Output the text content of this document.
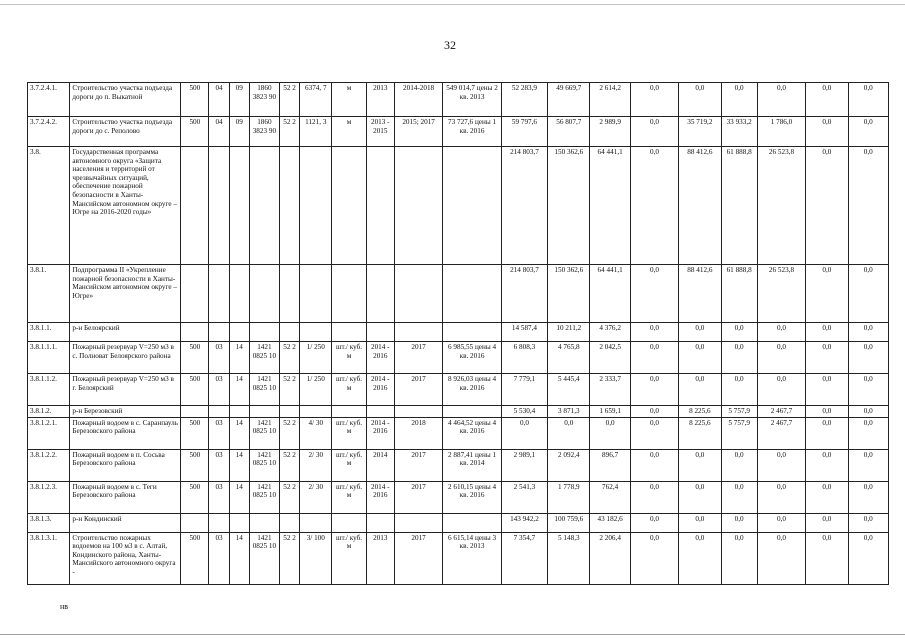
32
3.7.2.4.1.	Строительство участка подъезда дороги до п. Выкатной	500	04	09	1860 3823 90	52 2	6374, 7	м	2013	2014-2018	549 014,7 цены 2 кв. 2013	52 283,9	49 669,7	2 614,2	0,0	0,0	0,0	0,0	0,0	0,0
3.7.2.4.2.	Строительство участка подъезда дороги до с. Реполово	500	04	09	1860 3823 90	52 2	1121, 3	м	2013 - 2015	2015; 2017	73 727,6 цены 1 кв. 2016	59 797,6	56 807,7	2 989,9	0,0	35 719,2	33 933,2	1 786,0	0,0	0,0
3.8.	Государственная программа автономного округа «Защита населения и территорий от чрезвычайных ситуаций, обеспечение пожарной безопасности в Ханты-Мансийском автономном округе – Югре на 2016-2020 годы»											214 803,7	150 362,6	64 441,1	0,0	88 412,6	61 888,8	26 523,8	0,0	0,0
3.8.1.	Подпрограмма II «Укрепление пожарной безопасности в Ханты-Мансийском автономном округе – Югре»											214 803,7	150 362,6	64 441,1	0,0	88 412,6	61 888,8	26 523,8	0,0	0,0
3.8.1.1.	р-н Белоярский											14 587,4	10 211,2	4 376,2	0,0	0,0	0,0	0,0	0,0	0,0
3.8.1.1.1.	Пожарный резервуар V=250 м3 в с. Полноват Белоярского района	500	03	14	1421 0825 10	52 2	1/ 250	шт./ куб. м	2014 - 2016	2017	6 985,55 цены 4 кв. 2016	6 808,3	4 765,8	2 042,5	0,0	0,0	0,0	0,0	0,0	0,0
3.8.1.1.2.	Пожарный резервуар V=250 м3 в г. Белоярский	500	03	14	1421 0825 10	52 2	1/ 250	шт./ куб. м	2014 - 2016	2017	8 926,03 цены 4 кв. 2016	7 779,1	5 445,4	2 333,7	0,0	0,0	0,0	0,0	0,0	0,0
3.8.1.2.	р-н Березовский											5 530,4	3 871,3	1 659,1	0,0	8 225,6	5 757,9	2 467,7	0,0	0,0
3.8.1.2.1.	Пожарный водоем в с. Саранпауль Березовского района	500	03	14	1421 0825 10	52 2	4/ 30	шт./ куб. м	2014 - 2016	2018	4 464,52 цены 4 кв. 2016	0,0	0,0	0,0	0,0	8 225,6	5 757,9	2 467,7	0,0	0,0
3.8.1.2.2.	Пожарный водоем в п. Сосьва Березовского района	500	03	14	1421 0825 10	52 2	2/ 30	шт./ куб. м	2014	2017	2 887,41 цены 1 кв. 2014	2 989,1	2 092,4	896,7	0,0	0,0	0,0	0,0	0,0	0,0
3.8.1.2.3.	Пожарный водоем в с. Теги Березовского района	500	03	14	1421 0825 10	52 2	2/ 30	шт./ куб. м	2014 - 2016	2017	2 610,15 цены 4 кв. 2016	2 541,3	1 778,9	762,4	0,0	0,0	0,0	0,0	0,0	0,0
3.8.1.3.	р-н Кондинский											143 942,2	100 759,6	43 182,6	0,0	0,0	0,0	0,0	0,0	0,0
3.8.1.3.1.	Строительство пожарных водоемов на 100 м3 в с. Алтай, Кондинского района, Ханты-Мансийского автономного округа -	500	03	14	1421 0825 10	52 2	3/ 100	шт./ куб. м	2013	2017	6 615,14 цены 3 кв. 2013	7 354,7	5 148,3	2 206,4	0,0	0,0	0,0	0,0	0,0	0,0
нв
